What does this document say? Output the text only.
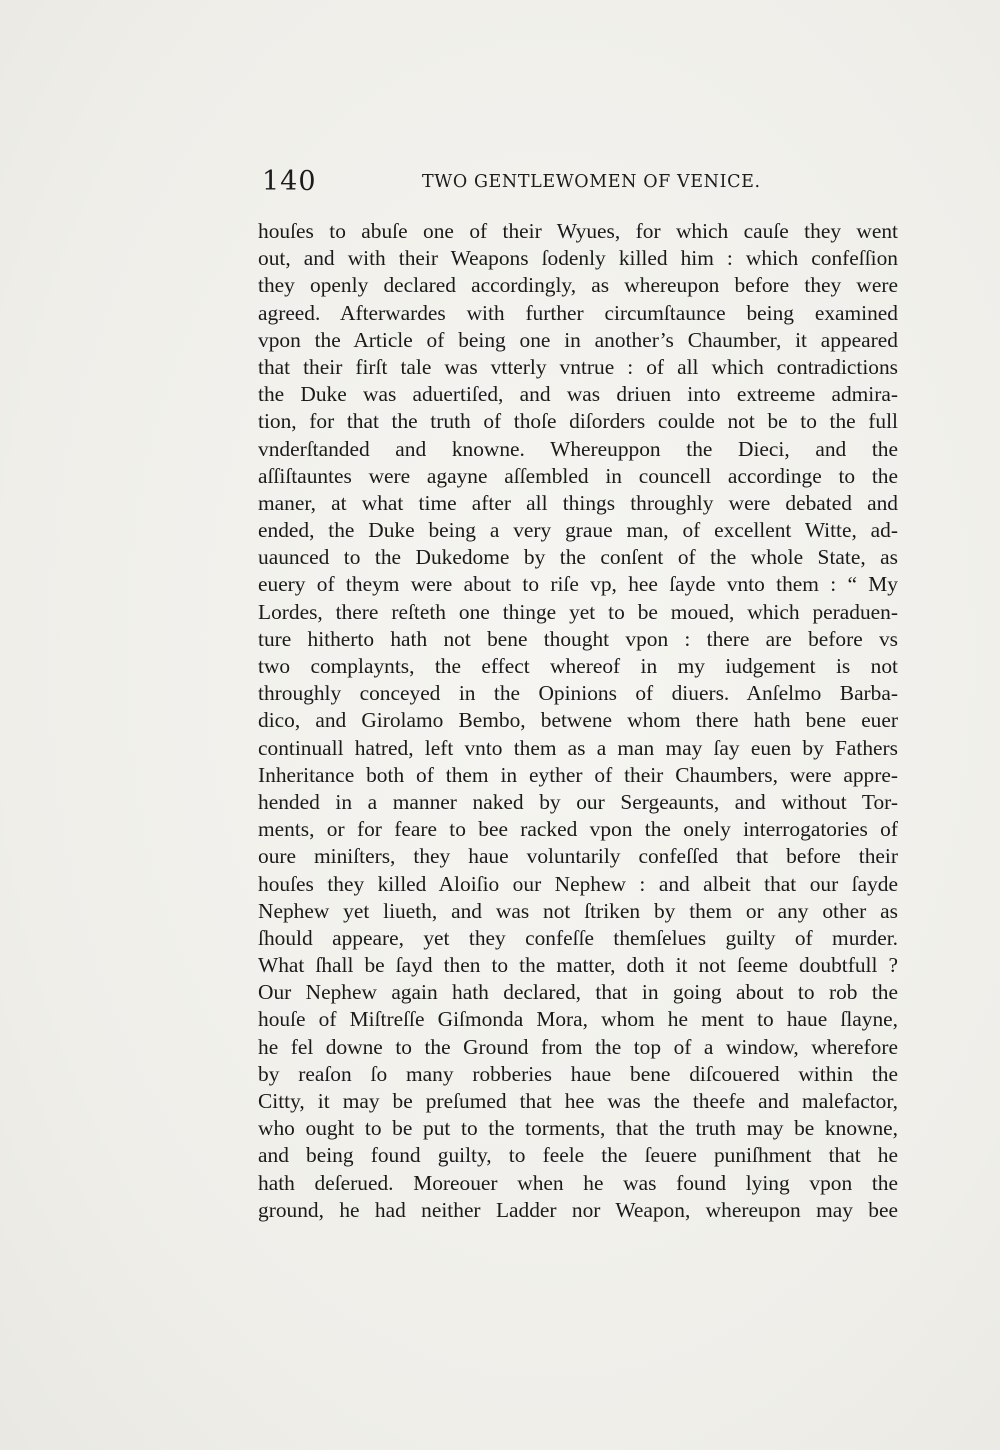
140	TWO GENTLEWOMEN OF VENICE.
houſes to abuſe one of their Wyues, for which cauſe they went
out, and with their Weapons ſodenly killed him : which confeſſion
they openly declared accordingly, as whereupon before they were
agreed. Afterwardes with further circumſtaunce being examined
vpon the Article of being one in another’s Chaumber, it appeared
that their firſt tale was vtterly vntrue : of all which contradictions
the Duke was aduertiſed, and was driuen into extreeme admira-
tion, for that the truth of thoſe diſorders coulde not be to the full
vnderſtanded and knowne. Whereuppon the Dieci, and the
aſſiſtauntes were agayne aſſembled in councell accordinge to the
maner, at what time after all things throughly were debated and
ended, the Duke being a very graue man, of excellent Witte, ad-
uaunced to the Dukedome by the conſent of the whole State, as
euery of theym were about to riſe vp, hee ſayde vnto them : “ My
Lordes, there reſteth one thinge yet to be moued, which peraduen-
ture hitherto hath not bene thought vpon : there are before vs
two complaynts, the effect whereof in my iudgement is not
throughly conceyed in the Opinions of diuers. Anſelmo Barba-
dico, and Girolamo Bembo, betwene whom there hath bene euer
continuall hatred, left vnto them as a man may ſay euen by Fathers
Inheritance both of them in eyther of their Chaumbers, were appre-
hended in a manner naked by our Sergeaunts, and without Tor-
ments, or for feare to bee racked vpon the onely interrogatories of
oure miniſters, they haue voluntarily confeſſed that before their
houſes they killed Aloiſio our Nephew : and albeit that our ſayde
Nephew yet liueth, and was not ſtriken by them or any other as
ſhould appeare, yet they confeſſe themſelues guilty of murder.
What ſhall be ſayd then to the matter, doth it not ſeeme doubtfull ?
Our Nephew again hath declared, that in going about to rob the
houſe of Miſtreſſe Giſmonda Mora, whom he ment to haue ſlayne,
he fel downe to the Ground from the top of a window, wherefore
by reaſon ſo many robberies haue bene diſcouered within the
Citty, it may be preſumed that hee was the theefe and malefactor,
who ought to be put to the torments, that the truth may be knowne,
and being found guilty, to feele the ſeuere puniſhment that he
hath deſerued. Moreouer when he was found lying vpon the
ground, he had neither Ladder nor Weapon, whereupon may bee
